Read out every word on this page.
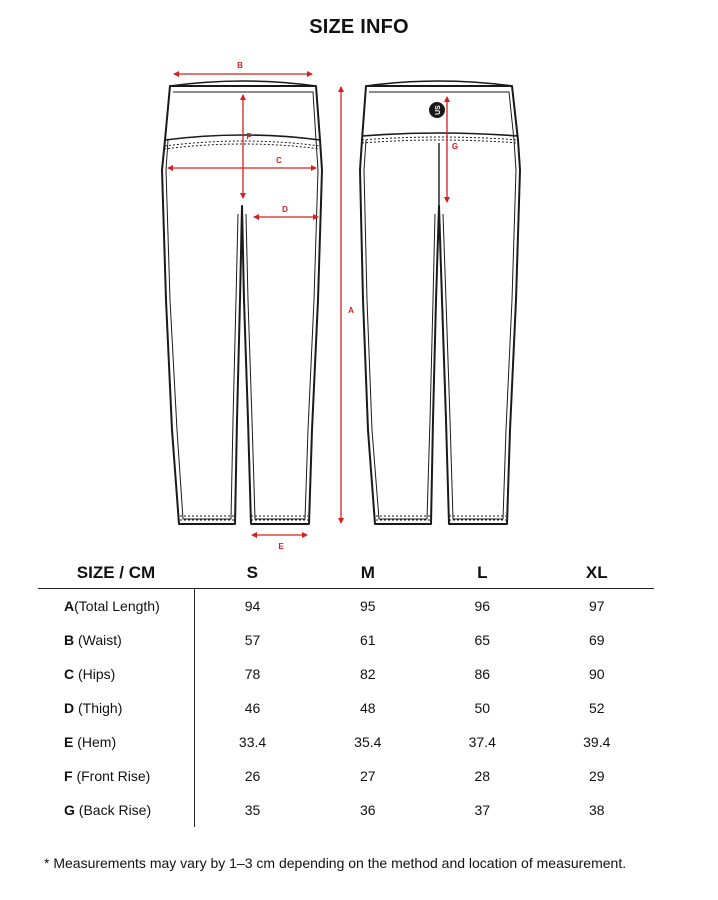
SIZE INFO
US
B
F
C
D
A
E
G
SIZE / CM	S	M	L	XL
A(Total Length)	94	95	96	97
B (Waist)	57	61	65	69
C (Hips)	78	82	86	90
D (Thigh)	46	48	50	52
E (Hem)	33.4	35.4	37.4	39.4
F (Front Rise)	26	27	28	29
G (Back Rise)	35	36	37	38
* Measurements may vary by 1–3 cm depending on the method and location of measurement.
